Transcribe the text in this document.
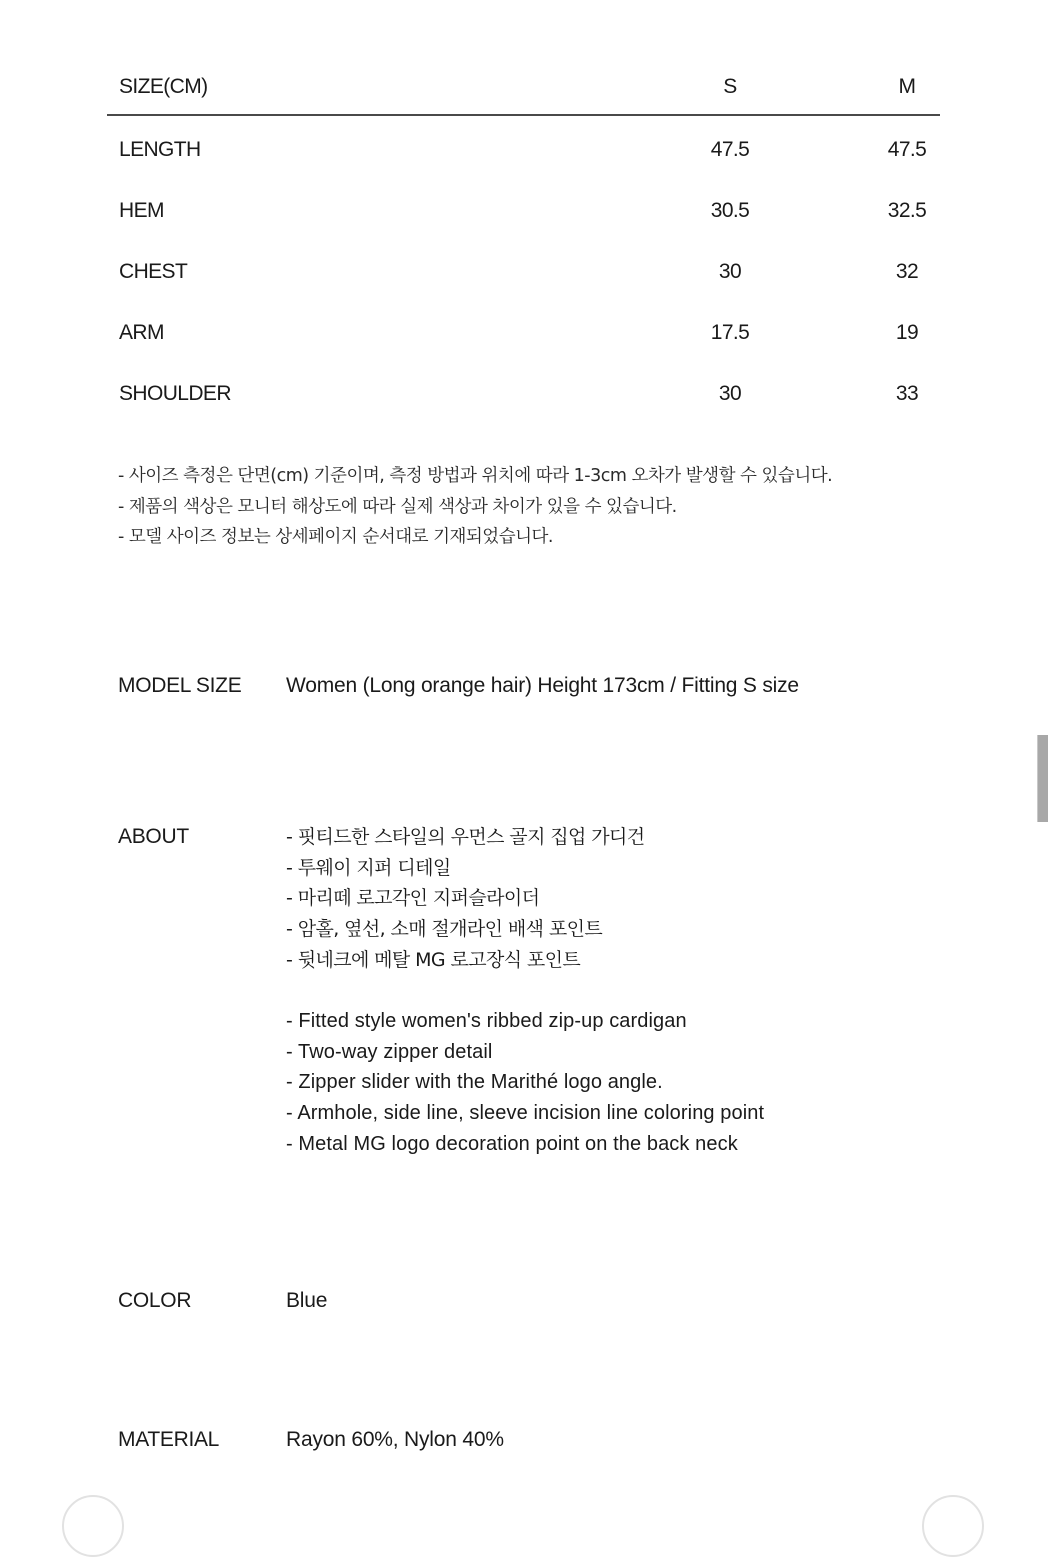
SIZE(CM)	S	M
LENGTH	47.5	47.5
HEM	30.5	32.5
CHEST	30	32
ARM	17.5	19
SHOULDER	30	33
- 사이즈 측정은 단면(cm) 기준이며, 측정 방법과 위치에 따라 1-3cm 오차가 발생할 수 있습니다.
- 제품의 색상은 모니터 해상도에 따라 실제 색상과 차이가 있을 수 있습니다.
- 모델 사이즈 정보는 상세페이지 순서대로 기재되었습니다.
MODEL SIZE Women (Long orange hair) Height 173cm / Fitting S size
ABOUT	- 핏티드한 스타일의 우먼스 골지 집업 가디건
- 투웨이 지퍼 디테일
- 마리떼 로고각인 지퍼슬라이더
- 암홀, 옆선, 소매 절개라인 배색 포인트
- 뒷네크에 메탈 MG 로고장식 포인트
- Fitted style women's ribbed zip-up cardigan
- Two-way zipper detail
- Zipper slider with the Marithé logo angle.
- Armhole, side line, sleeve incision line coloring point
- Metal MG logo decoration point on the back neck
COLOR	Blue
MATERIAL	Rayon 60%, Nylon 40%
